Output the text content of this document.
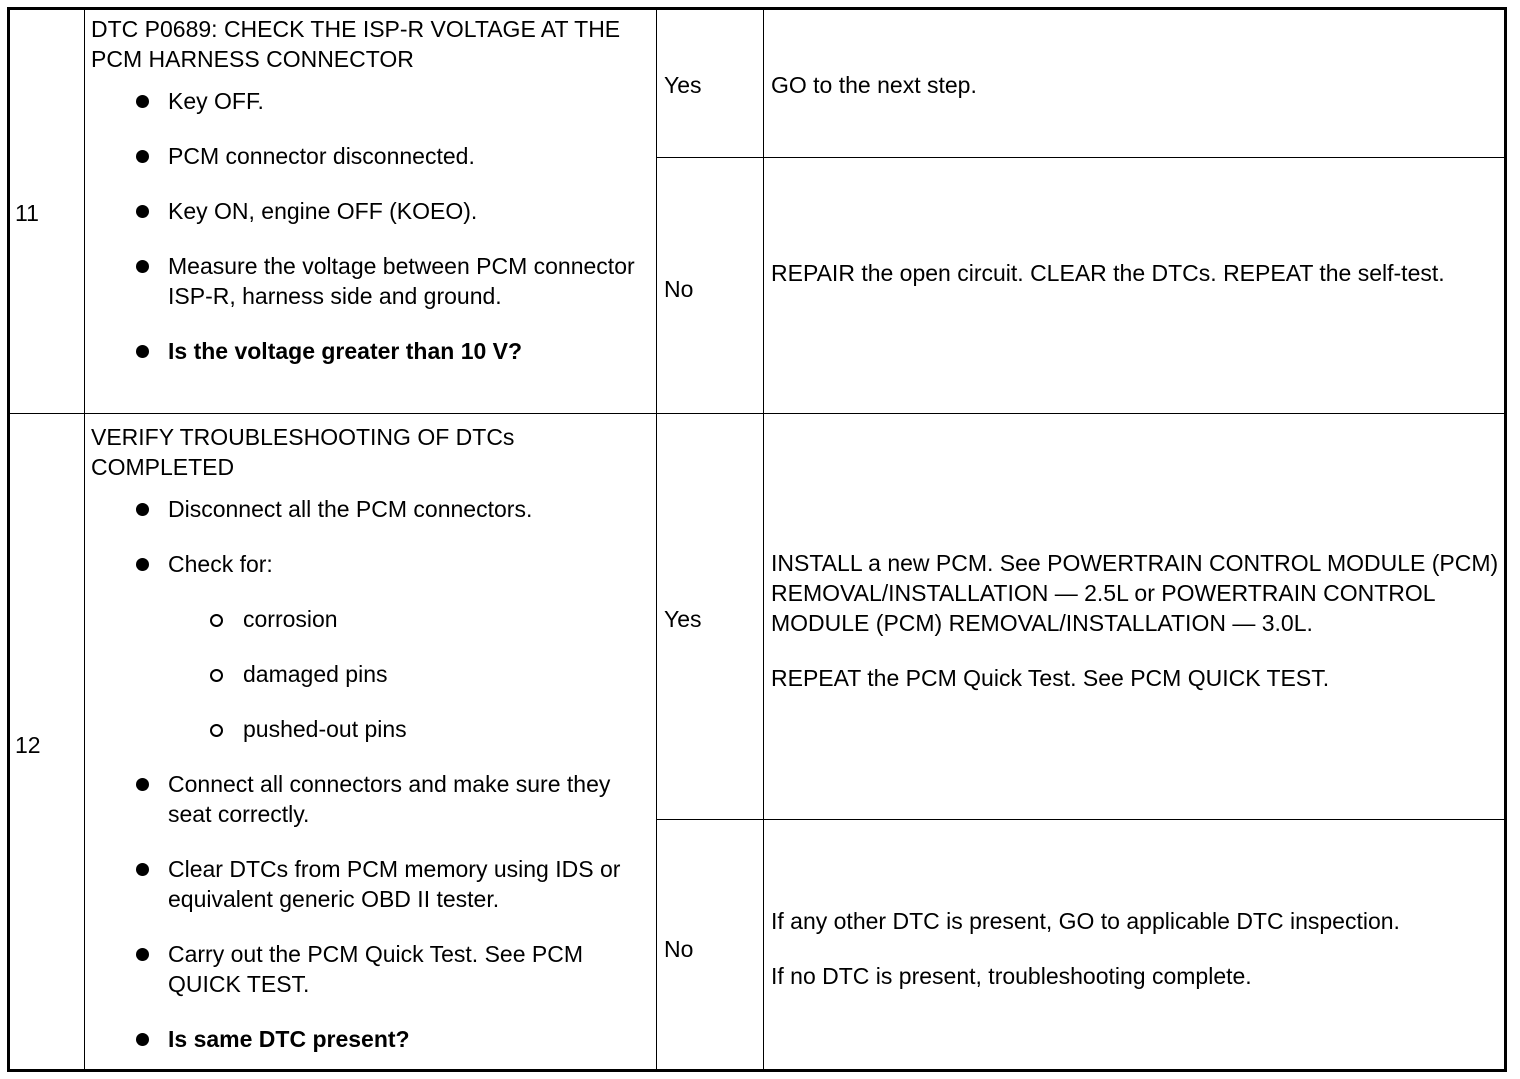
11

DTC P0689: CHECK THE ISP-R VOLTAGE AT THE PCM HARNESS CONNECTOR

Key OFF.
PCM connector disconnected.
Key ON, engine OFF (KOEO).
Measure the voltage between PCM connector ISP-R, harness side and ground.
Is the voltage greater than 10 V?
Yes	GO to the next step.

No

REPAIR the open circuit. CLEAR the DTCs. REPEAT the self-test.

12

VERIFY TROUBLESHOOTING OF DTCs COMPLETED

Disconnect all the PCM connectors.
Check for:
corrosion
damaged pins
pushed-out pins
Connect all connectors and make sure they seat correctly.
Clear DTCs from PCM memory using IDS or equivalent generic OBD II tester.
Carry out the PCM Quick Test. See PCM QUICK TEST.
Is same DTC present?
Yes

INSTALL a new PCM. See POWERTRAIN CONTROL MODULE (PCM) REMOVAL/INSTALLATION — 2.5L or POWERTRAIN CONTROL MODULE (PCM) REMOVAL/INSTALLATION — 3.0L.

REPEAT the PCM Quick Test. See PCM QUICK TEST.

No

If any other DTC is present, GO to applicable DTC inspection.

If no DTC is present, troubleshooting complete.
